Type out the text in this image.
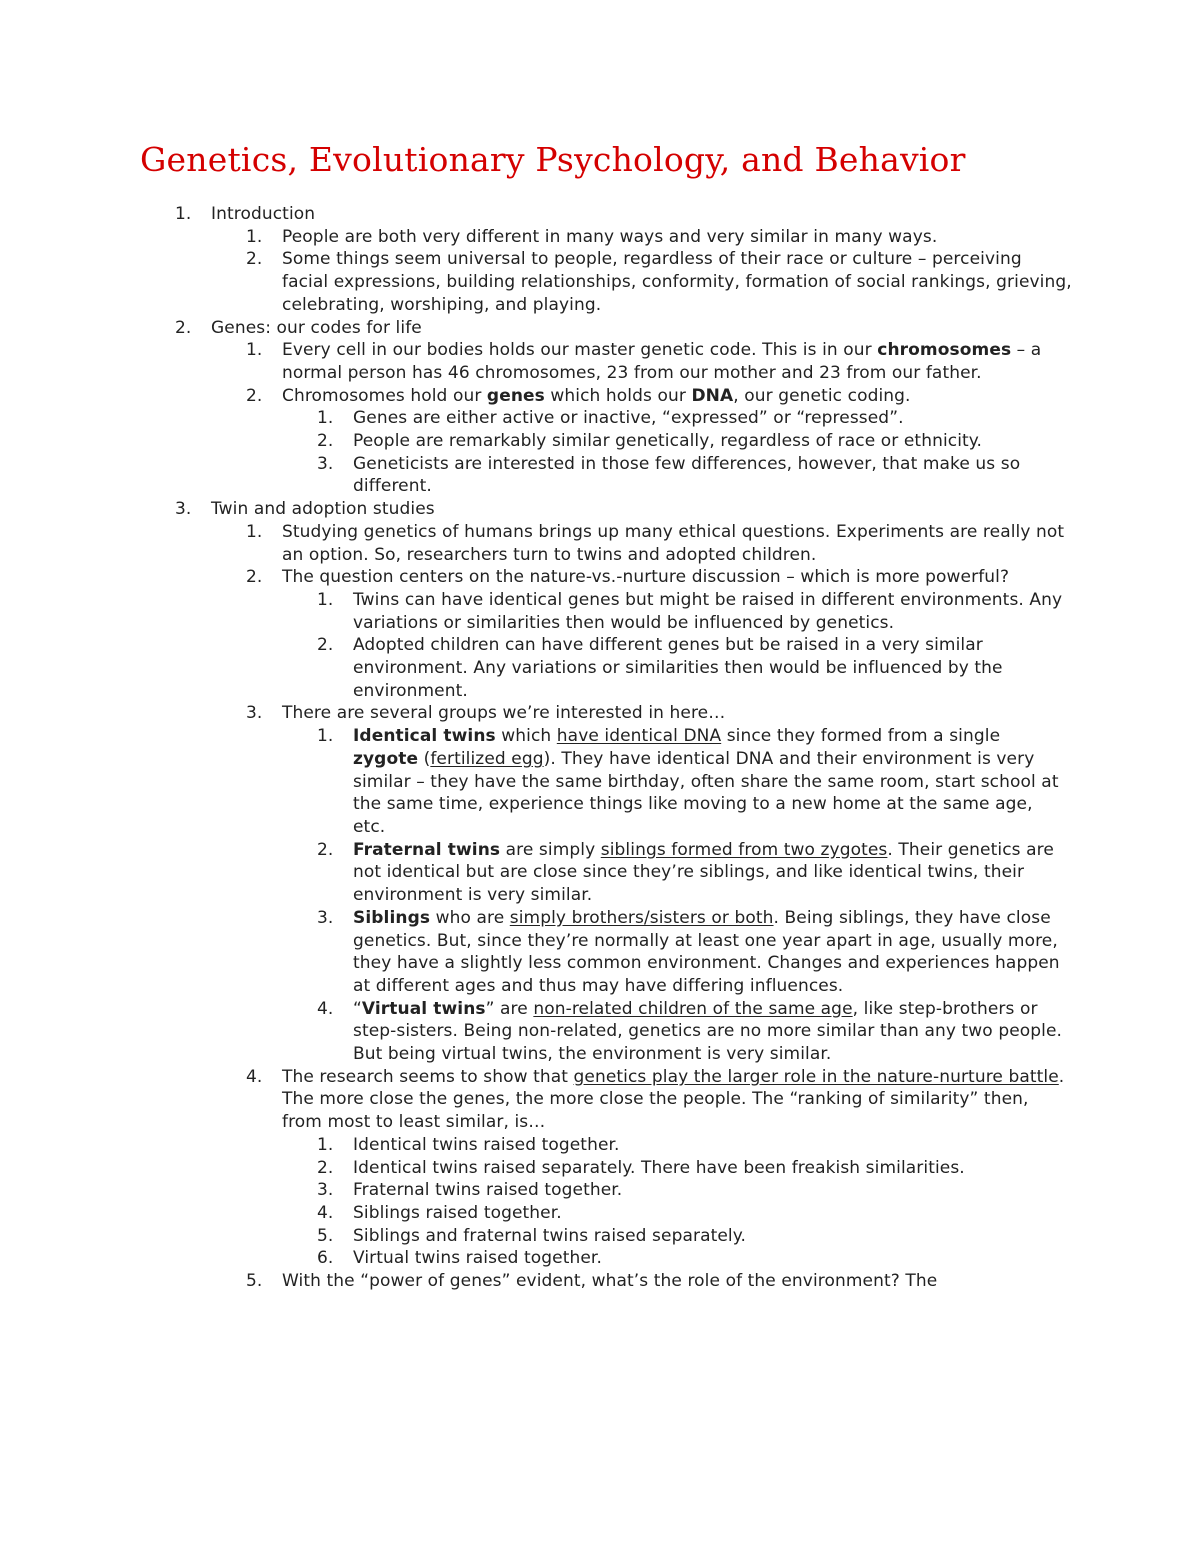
Genetics, Evolutionary Psychology, and Behavior
1. Introduction
1. People are both very different in many ways and very similar in many ways.
2. Some things seem universal to people, regardless of their race or culture – perceiving facial expressions, building relationships, conformity, formation of social rankings, grieving, celebrating, worshiping, and playing.
2. Genes: our codes for life
1. Every cell in our bodies holds our master genetic code. This is in our chromosomes – a normal person has 46 chromosomes, 23 from our mother and 23 from our father.
2. Chromosomes hold our genes which holds our DNA, our genetic coding.
1. Genes are either active or inactive, “expressed” or “repressed”.
2. People are remarkably similar genetically, regardless of race or ethnicity.
3. Geneticists are interested in those few differences, however, that make us so different.
3. Twin and adoption studies
1. Studying genetics of humans brings up many ethical questions. Experiments are really not an option. So, researchers turn to twins and adopted children.
2. The question centers on the nature-vs.-nurture discussion – which is more powerful?
1. Twins can have identical genes but might be raised in different environments. Any variations or similarities then would be influenced by genetics.
2. Adopted children can have different genes but be raised in a very similar environment. Any variations or similarities then would be influenced by the environment.
3. There are several groups we’re interested in here…
1. Identical twins which have identical DNA since they formed from a single zygote (fertilized egg). They have identical DNA and their environment is very similar – they have the same birthday, often share the same room, start school at the same time, experience things like moving to a new home at the same age, etc.
2. Fraternal twins are simply siblings formed from two zygotes. Their genetics are not identical but are close since they’re siblings, and like identical twins, their environment is very similar.
3. Siblings who are simply brothers/sisters or both. Being siblings, they have close genetics. But, since they’re normally at least one year apart in age, usually more, they have a slightly less common environment. Changes and experiences happen at different ages and thus may have differing influences.
4. “Virtual twins” are non-related children of the same age, like step-brothers or step-sisters. Being non-related, genetics are no more similar than any two people. But being virtual twins, the environment is very similar.
4. The research seems to show that genetics play the larger role in the nature-nurture battle. The more close the genes, the more close the people. The “ranking of similarity” then, from most to least similar, is…
1. Identical twins raised together.
2. Identical twins raised separately. There have been freakish similarities.
3. Fraternal twins raised together.
4. Siblings raised together.
5. Siblings and fraternal twins raised separately.
6. Virtual twins raised together.
5. With the “power of genes” evident, what’s the role of the environment? The
